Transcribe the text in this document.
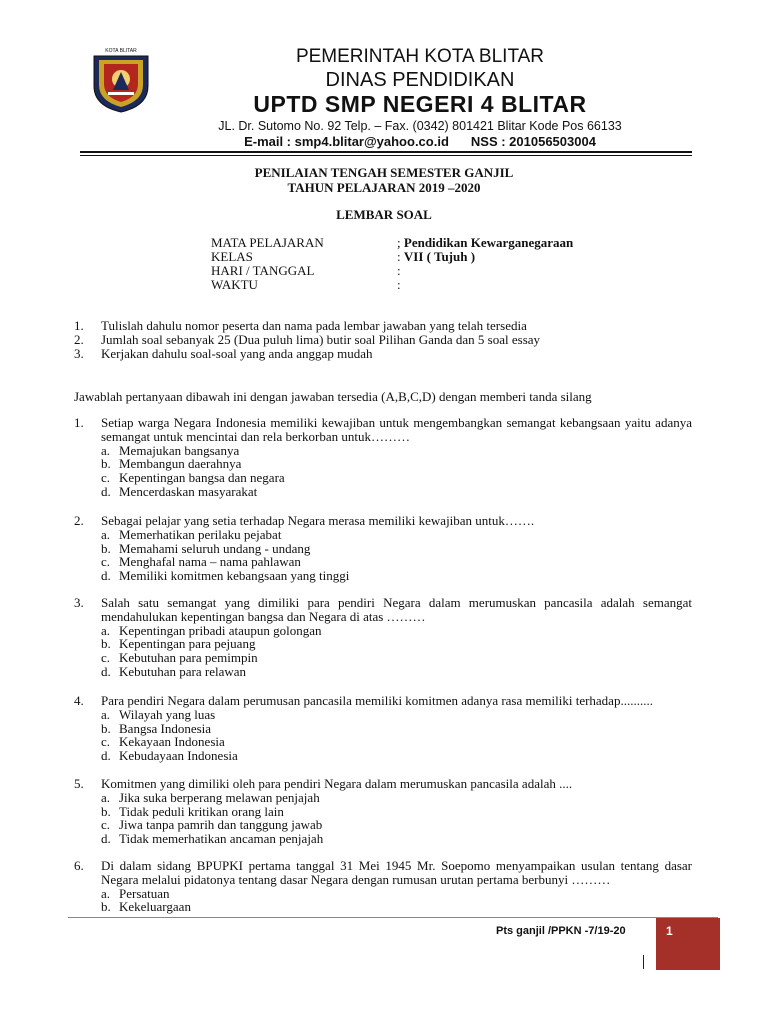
KOTA BLITAR	PEMERINTAH KOTA BLITAR
DINAS PENDIDIKAN
UPTD SMP NEGERI 4 BLITAR
JL. Dr. Sutomo No. 92 Telp. – Fax. (0342) 801421 Blitar Kode Pos 66133
E-mail : smp4.blitar@yahoo.co.id NSS : 201056503004
PENILAIAN TENGAH SEMESTER GANJIL
TAHUN PELAJARAN 2019 –2020
LEMBAR SOAL
MATA PELAJARAN	; Pendidikan Kewarganegaraan
KELAS	: VII ( Tujuh )
HARI / TANGGAL	:
WAKTU	:
1. Tulislah dahulu nomor peserta dan nama pada lembar jawaban yang telah tersedia
2. Jumlah soal sebanyak 25 (Dua puluh lima) butir soal Pilihan Ganda dan 5 soal essay
3. Kerjakan dahulu soal-soal yang anda anggap mudah
Jawablah pertanyaan dibawah ini dengan jawaban tersedia (A,B,C,D) dengan memberi tanda silang
1. Setiap warga Negara Indonesia memiliki kewajiban untuk mengembangkan semangat kebangsaan yaitu adanya semangat untuk mencintai dan rela berkorban untuk………
a. Memajukan bangsanya
b. Membangun daerahnya
c. Kepentingan bangsa dan negara
d. Mencerdaskan masyarakat
2. Sebagai pelajar yang setia terhadap Negara merasa memiliki kewajiban untuk…….
a. Memerhatikan perilaku pejabat
b. Memahami seluruh undang - undang
c. Menghafal nama – nama pahlawan
d. Memiliki komitmen kebangsaan yang tinggi
3. Salah satu semangat yang dimiliki para pendiri Negara dalam merumuskan pancasila adalah semangat mendahulukan kepentingan bangsa dan Negara di atas ………
a. Kepentingan pribadi ataupun golongan
b. Kepentingan para pejuang
c. Kebutuhan para pemimpin
d. Kebutuhan para relawan
4. Para pendiri Negara dalam perumusan pancasila memiliki komitmen adanya rasa memiliki terhadap..........
a. Wilayah yang luas
b. Bangsa Indonesia
c. Kekayaan Indonesia
d. Kebudayaan Indonesia
5. Komitmen yang dimiliki oleh para pendiri Negara dalam merumuskan pancasila adalah ....
a. Jika suka berperang melawan penjajah
b. Tidak peduli kritikan orang lain
c. Jiwa tanpa pamrih dan tanggung jawab
d. Tidak memerhatikan ancaman penjajah
6. Di dalam sidang BPUPKI pertama tanggal 31 Mei 1945 Mr. Soepomo menyampaikan usulan tentang dasar Negara melalui pidatonya tentang dasar Negara dengan rumusan urutan pertama berbunyi ………
a. Persatuan
b. Kekeluargaan
Pts ganjil /PPKN -7/19-20	1
